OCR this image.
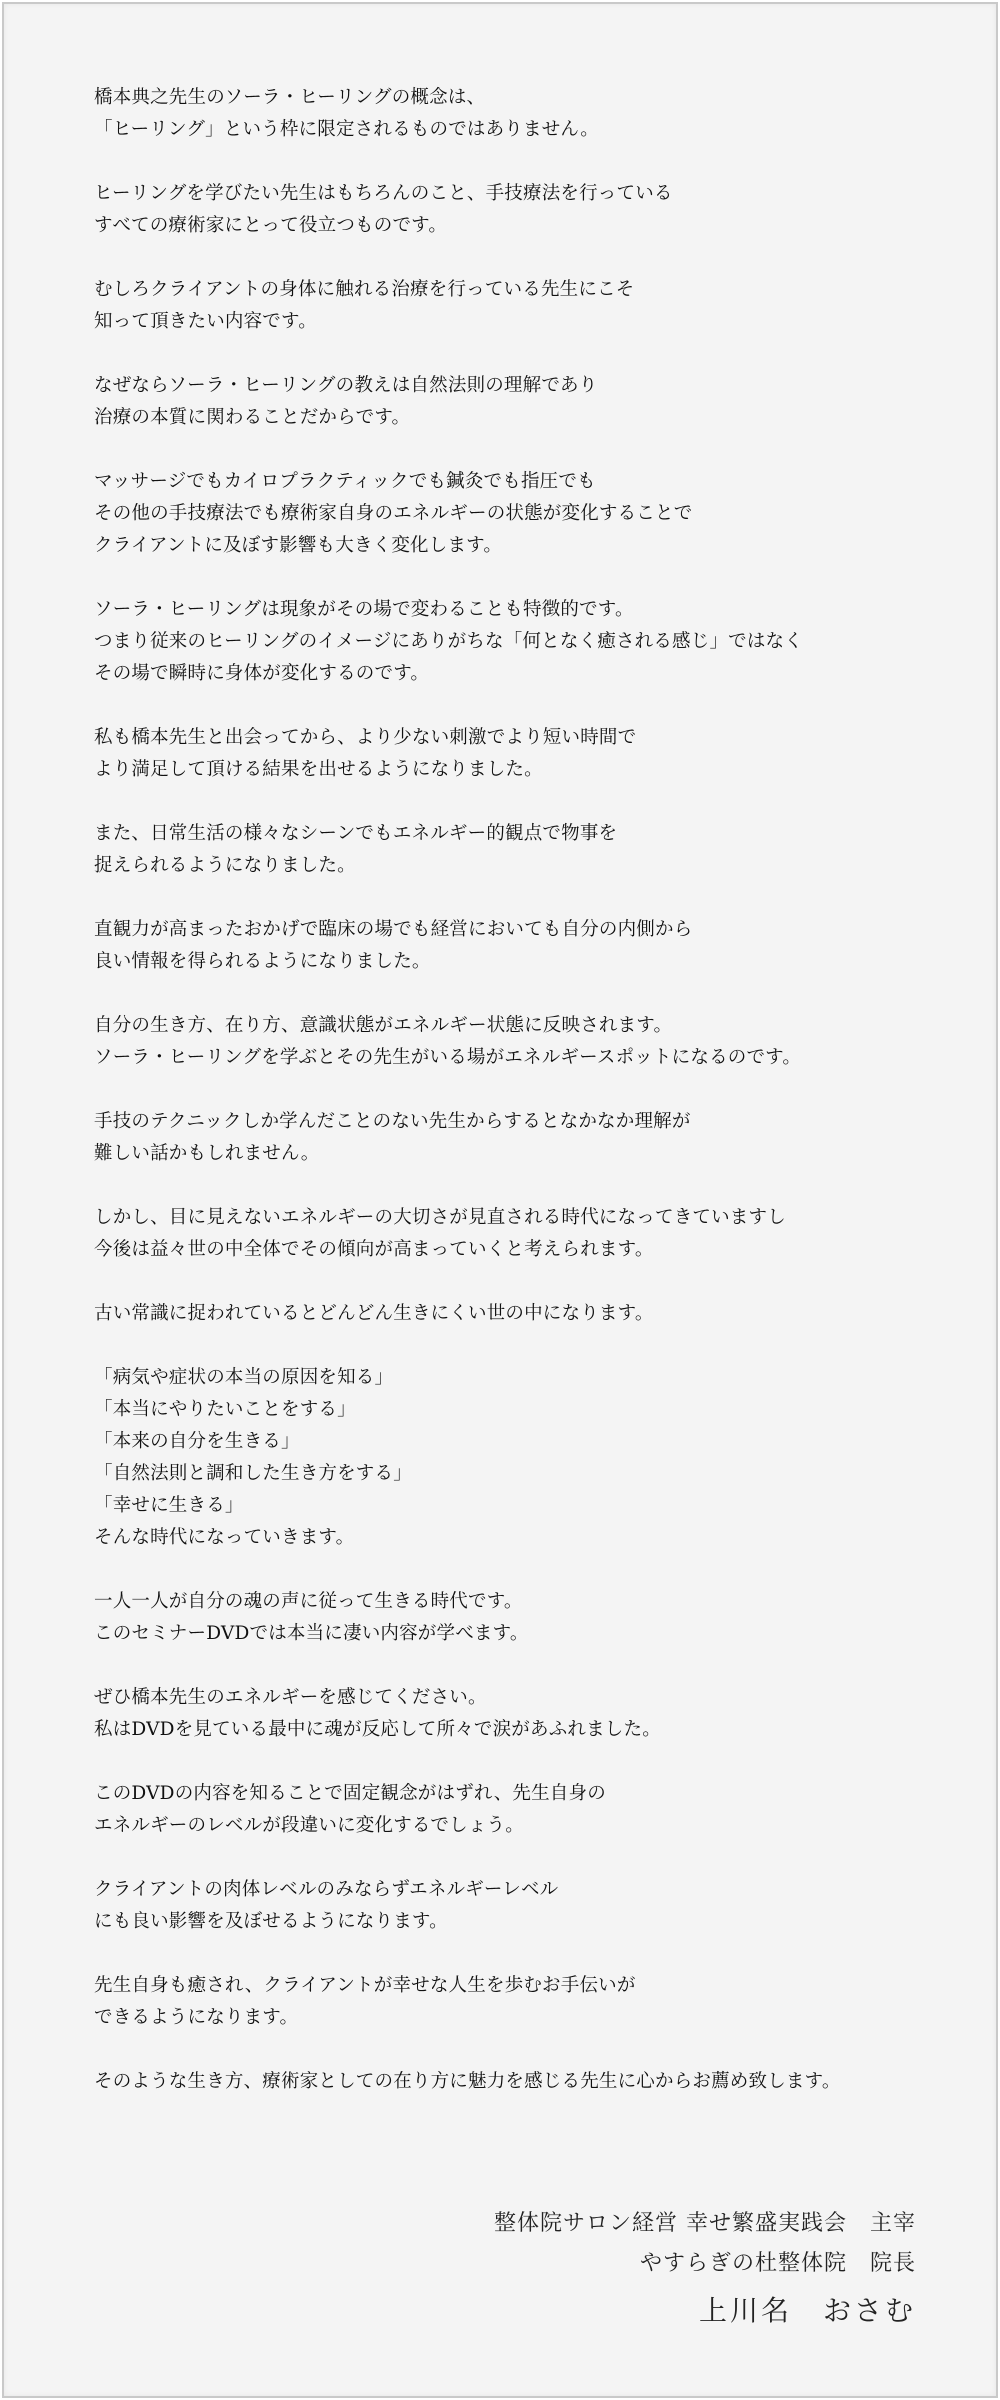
橋本典之先生のソーラ・ヒーリングの概念は、
「ヒーリング」という枠に限定されるものではありません。
ヒーリングを学びたい先生はもちろんのこと、手技療法を行っている
すべての療術家にとって役立つものです。
むしろクライアントの身体に触れる治療を行っている先生にこそ
知って頂きたい内容です。
なぜならソーラ・ヒーリングの教えは自然法則の理解であり
治療の本質に関わることだからです。
マッサージでもカイロプラクティックでも鍼灸でも指圧でも
その他の手技療法でも療術家自身のエネルギーの状態が変化することで
クライアントに及ぼす影響も大きく変化します。
ソーラ・ヒーリングは現象がその場で変わることも特徴的です。
つまり従来のヒーリングのイメージにありがちな「何となく癒される感じ」ではなく
その場で瞬時に身体が変化するのです。
私も橋本先生と出会ってから、より少ない刺激でより短い時間で
より満足して頂ける結果を出せるようになりました。
また、日常生活の様々なシーンでもエネルギー的観点で物事を
捉えられるようになりました。
直観力が高まったおかげで臨床の場でも経営においても自分の内側から
良い情報を得られるようになりました。
自分の生き方、在り方、意識状態がエネルギー状態に反映されます。
ソーラ・ヒーリングを学ぶとその先生がいる場がエネルギースポットになるのです。
手技のテクニックしか学んだことのない先生からするとなかなか理解が
難しい話かもしれません。
しかし、目に見えないエネルギーの大切さが見直される時代になってきていますし
今後は益々世の中全体でその傾向が高まっていくと考えられます。
古い常識に捉われているとどんどん生きにくい世の中になります。
「病気や症状の本当の原因を知る」
「本当にやりたいことをする」
「本来の自分を生きる」
「自然法則と調和した生き方をする」
「幸せに生きる」
そんな時代になっていきます。
一人一人が自分の魂の声に従って生きる時代です。
このセミナーDVDでは本当に凄い内容が学べます。
ぜひ橋本先生のエネルギーを感じてください。
私はDVDを見ている最中に魂が反応して所々で涙があふれました。
このDVDの内容を知ることで固定観念がはずれ、先生自身の
エネルギーのレベルが段違いに変化するでしょう。
クライアントの肉体レベルのみならずエネルギーレベル
にも良い影響を及ぼせるようになります。
先生自身も癒され、クライアントが幸せな人生を歩むお手伝いが
できるようになります。
そのような生き方、療術家としての在り方に魅力を感じる先生に心からお薦め致します。
整体院サロン経営 幸せ繁盛実践会　主宰
やすらぎの杜整体院　院長
上川名　おさむ
